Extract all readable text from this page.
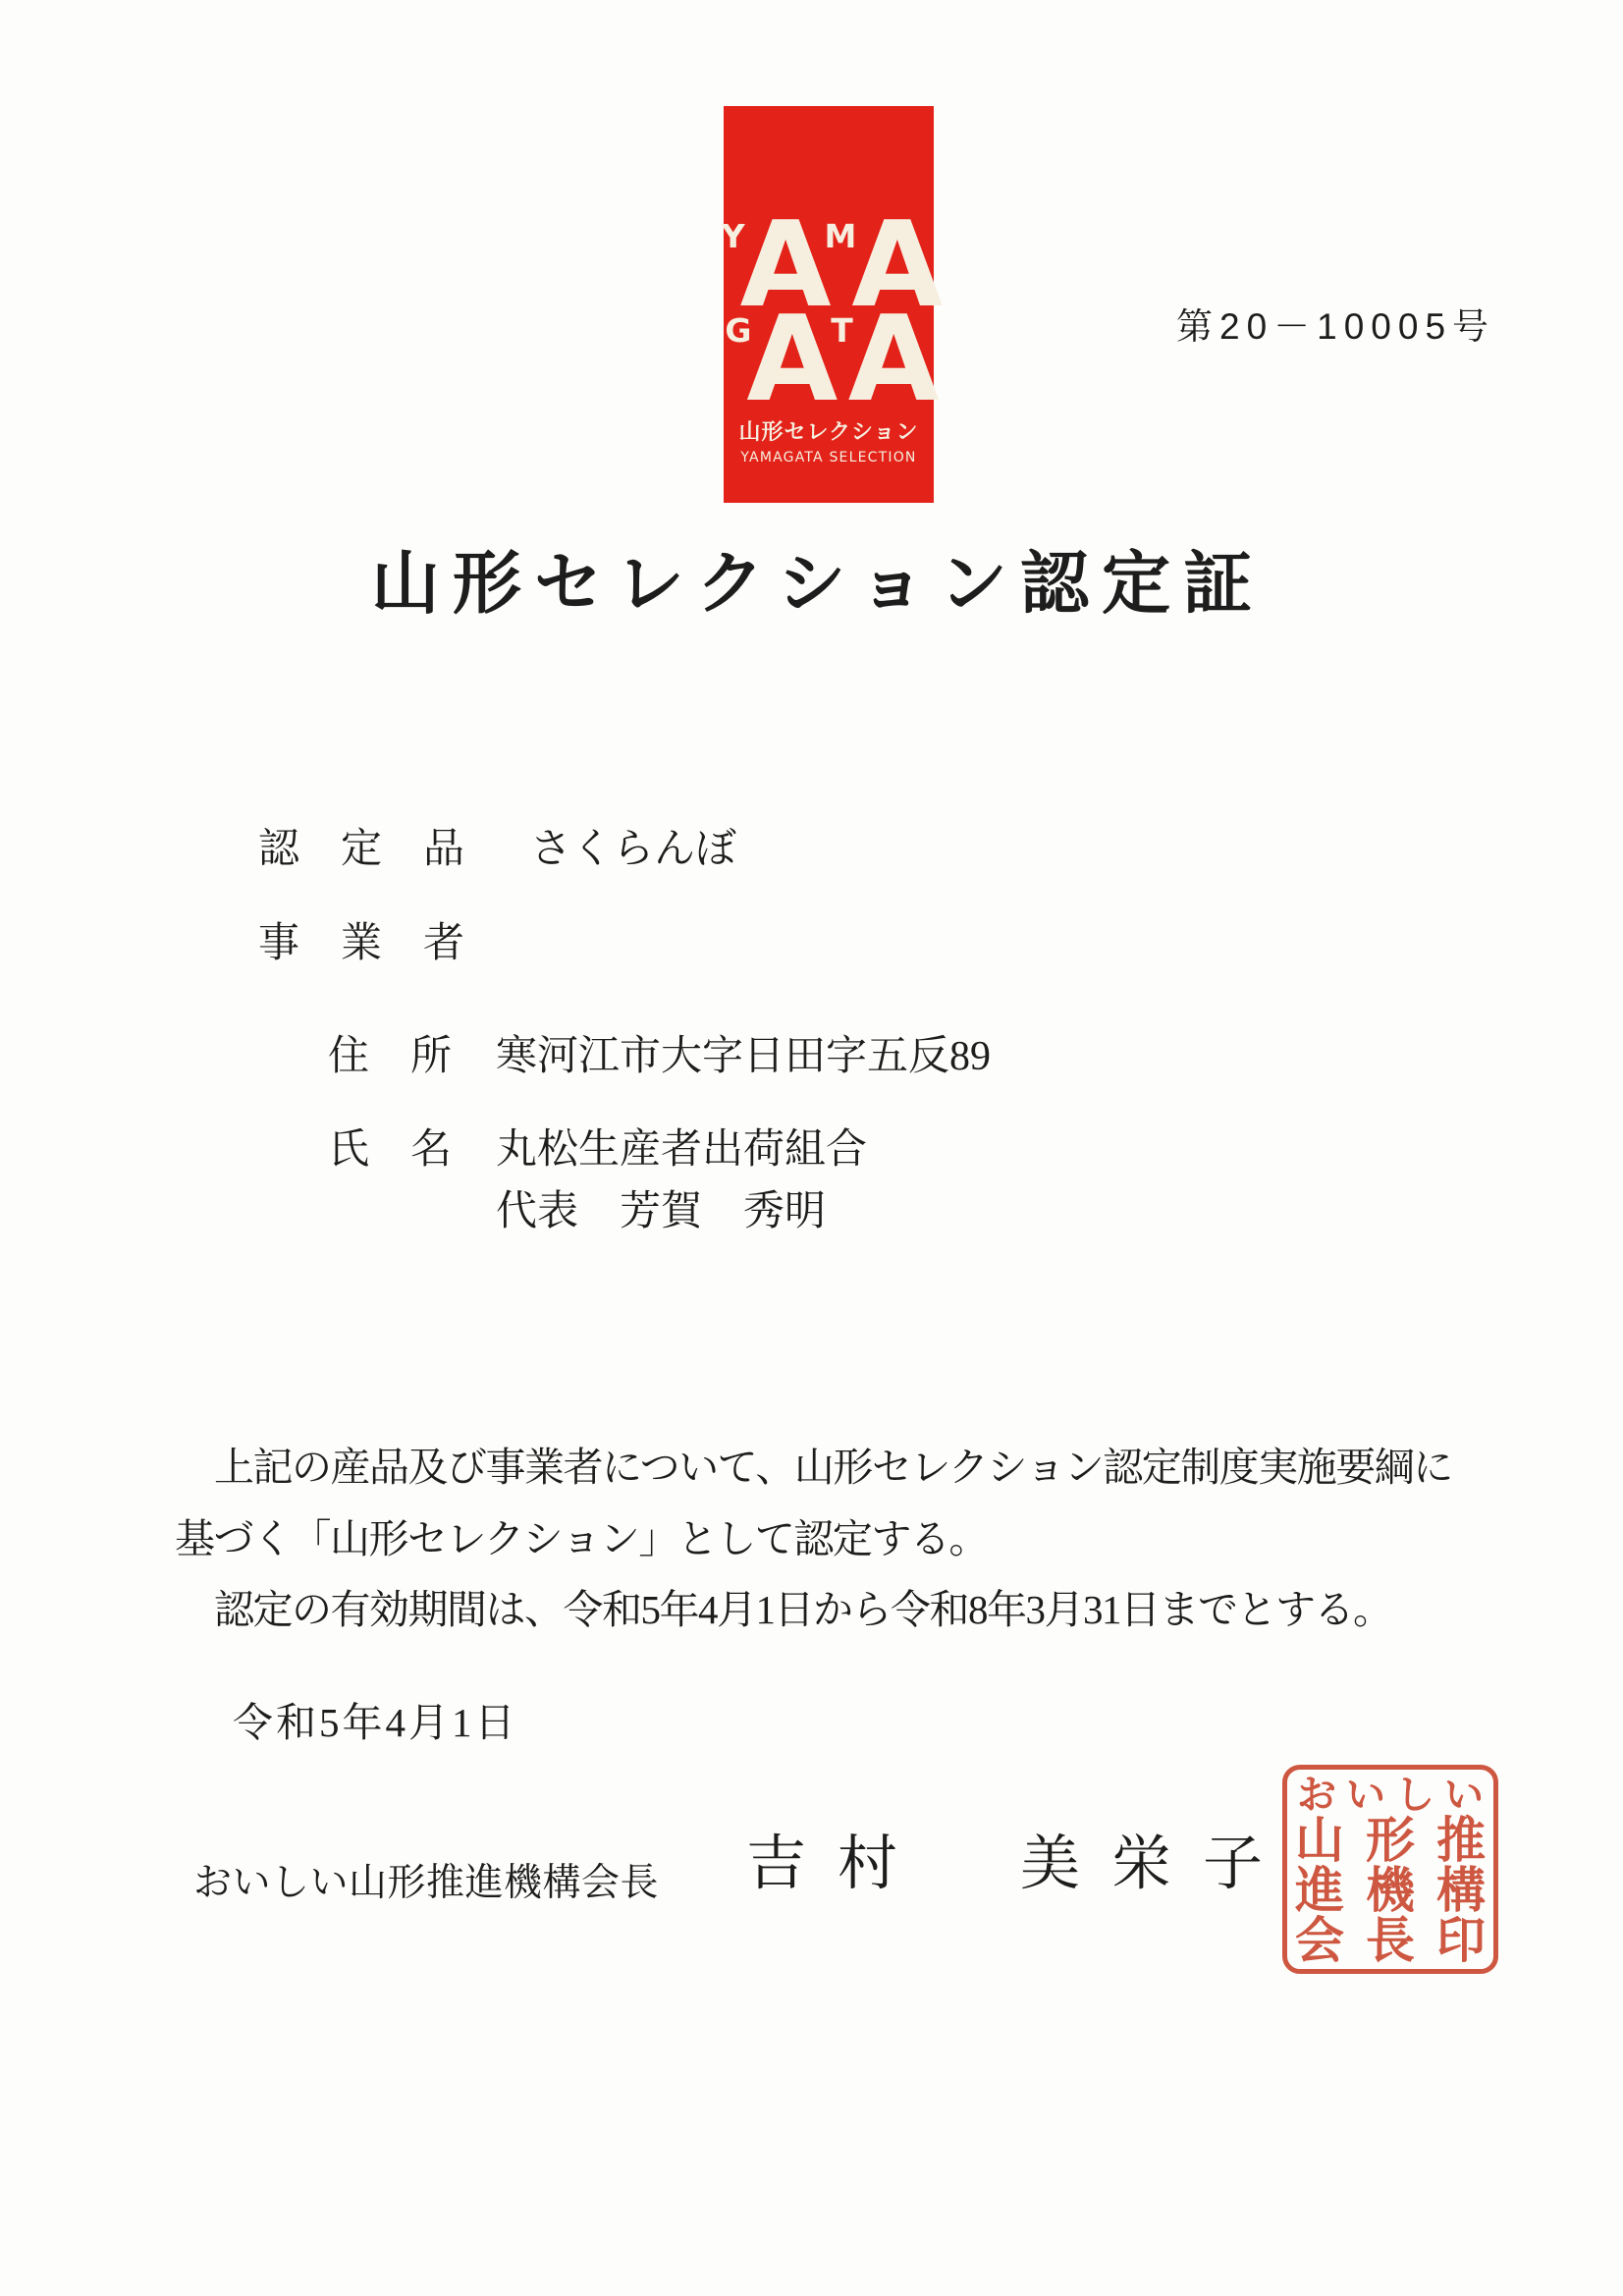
Y
A
M
A
G
A
T
A
山形セレクション
YAMAGATA SELECTION
第20－10005号
山形セレクション認定証
認　定　品 さくらんぼ
事　業　者
住　所 寒河江市大字日田字五反89
氏　名 丸松生産者出荷組合
代表　芳賀　秀明
上記の産品及び事業者について、山形セレクション認定制度実施要綱に
基づく「山形セレクション」として認定する。
認定の有効期間は、令和5年4月1日から令和8年3月31日までとする。
令和5年4月1日
おいしい山形推進機構会長 吉村　美栄子
おいしい
山形推
進機構
会長印
